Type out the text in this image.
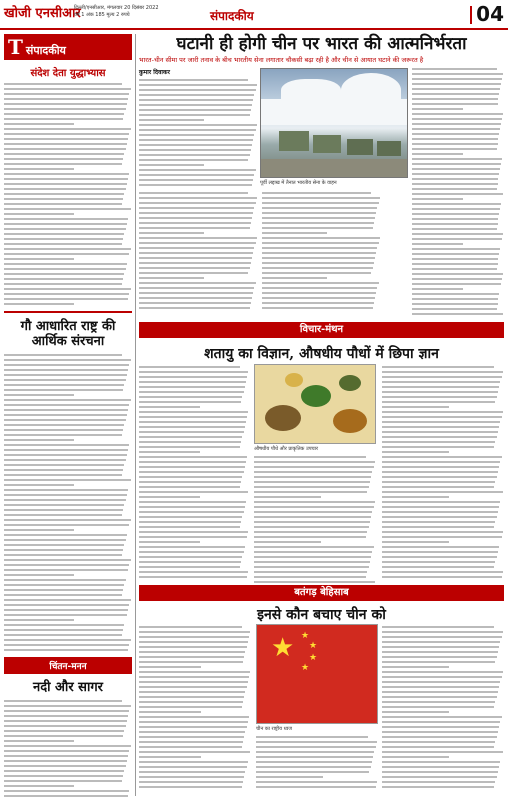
खोजी एनसीआर
दिल्ली/एनसीआर, मंगलवार 20 दिसंबर 2022
वर्ष 1 अंक 185 मूल्य 2 रुपये	संपादकीय	04
Tसंपादकीय
संदेश देता युद्धाभ्यास
गौ आधारित राष्ट्र की आर्थिक संरचना
चिंतन-मनन
नदी और सागर
घटानी ही होगी चीन पर भारत की आत्मनिर्भरता
भारत-चीन सीमा पर जारी तनाव के बीच भारतीय सेना लगातार चौकसी बढ़ा रही है और चीन से आयात घटाने की जरूरत है
कुमार दिवाकर
पूर्वी लद्दाख में तैनात भारतीय सेना के वाहन
विचार-मंथन
शतायु का विज्ञान, औषधीय पौधों में छिपा ज्ञान
औषधीय पौधे और प्राकृतिक उपचार
बतंगड़ बेहिसाब
इनसे कौन बचाए चीन को
★ ★
★
★
★
चीन का राष्ट्रीय ध्वज
